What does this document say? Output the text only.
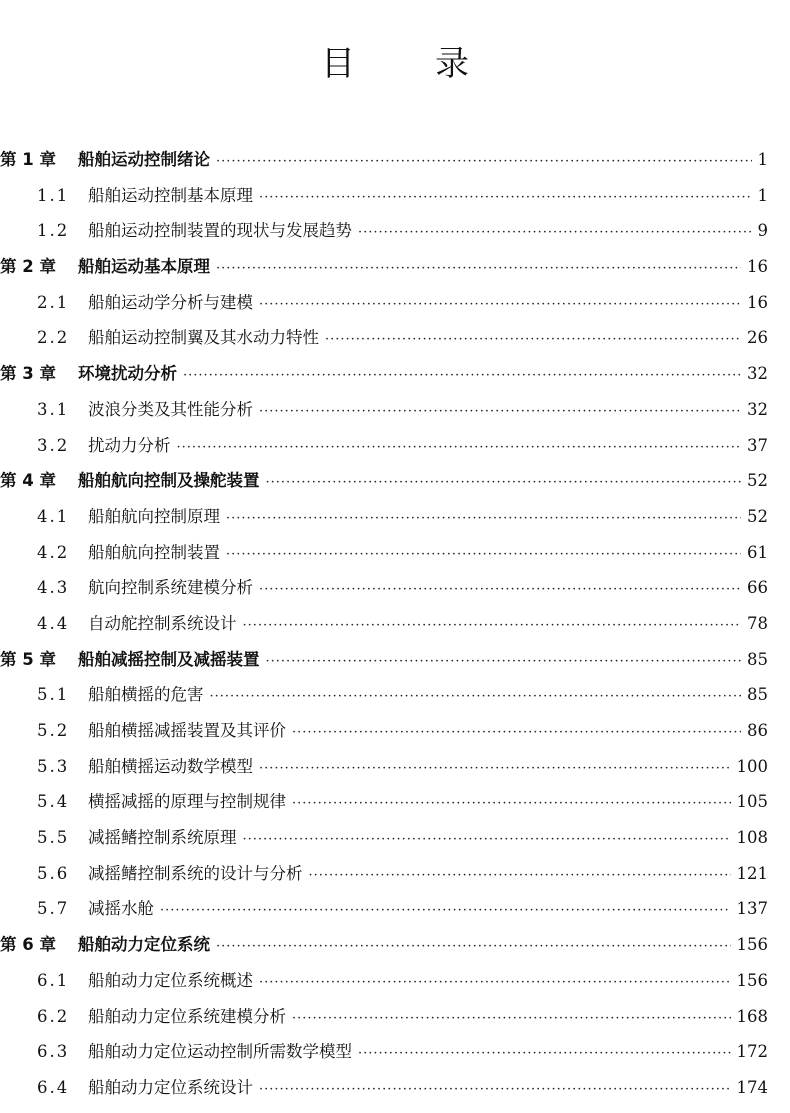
目 录
第 1 章	船舶运动控制绪论 ·····	1
1.1	船舶运动控制基本原理 ·····	1
1.2	船舶运动控制装置的现状与发展趋势 ·····	9
第 2 章	船舶运动基本原理 ·····	16
2.1	船舶运动学分析与建模 ·····	16
2.2	船舶运动控制翼及其水动力特性 ·····	26
第 3 章	环境扰动分析 ·····	32
3.1	波浪分类及其性能分析 ·····	32
3.2	扰动力分析 ·····	37
第 4 章	船舶航向控制及操舵装置 ·····	52
4.1	船舶航向控制原理 ·····	52
4.2	船舶航向控制装置 ·····	61
4.3	航向控制系统建模分析 ·····	66
4.4	自动舵控制系统设计 ·····	78
第 5 章	船舶减摇控制及减摇装置 ·····	85
5.1	船舶横摇的危害 ·····	85
5.2	船舶横摇减摇装置及其评价 ·····	86
5.3	船舶横摇运动数学模型 ·····	100
5.4	横摇减摇的原理与控制规律 ·····	105
5.5	减摇鳍控制系统原理 ·····	108
5.6	减摇鳍控制系统的设计与分析 ·····	121
5.7	减摇水舱 ·····	137
第 6 章	船舶动力定位系统 ·····	156
6.1	船舶动力定位系统概述 ·····	156
6.2	船舶动力定位系统建模分析 ·····	168
6.3	船舶动力定位运动控制所需数学模型 ·····	172
6.4	船舶动力定位系统设计 ·····	174
